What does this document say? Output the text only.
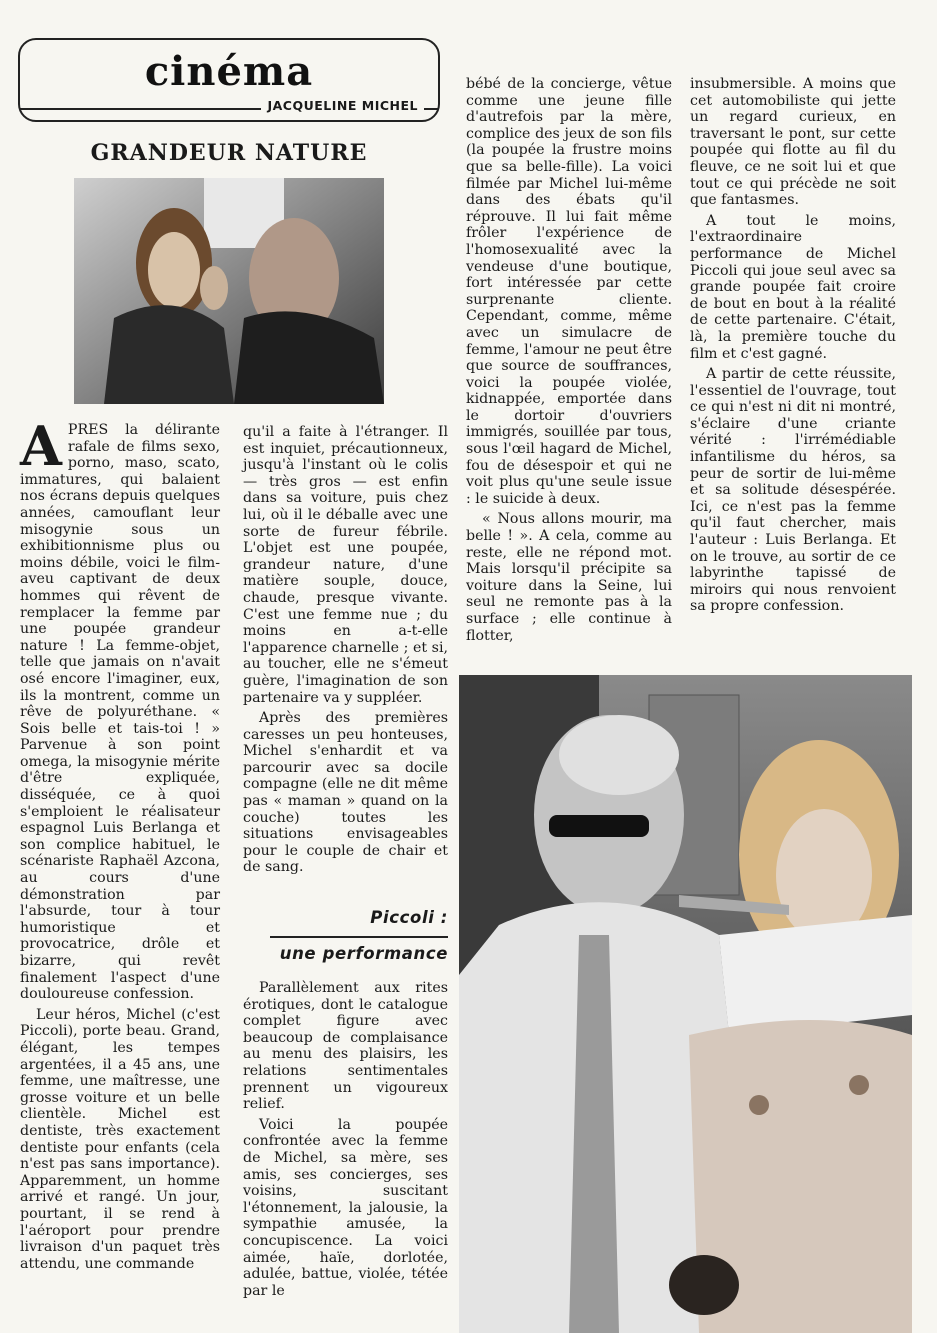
cinéma
JACQUELINE MICHEL
GRANDEUR NATURE

APRES la délirante rafale de films sexo, porno, maso, scato, immatures, qui balaient nos écrans depuis quelques années, camouflant leur misogynie sous un exhibitionnisme plus ou moins débile, voici le film-aveu captivant de deux hommes qui rêvent de remplacer la femme par une poupée grandeur nature ! La femme-objet, telle que jamais on n'avait osé encore l'imaginer, eux, ils la montrent, comme un rêve de polyuréthane. « Sois belle et tais-toi ! » Parvenue à son point omega, la misogynie mérite d'être expliquée, disséquée, ce à quoi s'emploient le réalisateur espagnol Luis Berlanga et son complice habituel, le scénariste Raphaël Azcona, au cours d'une démonstration par l'absurde, tour à tour humoristique et provocatrice, drôle et bizarre, qui revêt finalement l'aspect d'une douloureuse confession.

Leur héros, Michel (c'est Piccoli), porte beau. Grand, élégant, les tempes argentées, il a 45 ans, une femme, une maîtresse, une grosse voiture et un belle clientèle. Michel est dentiste, très exactement dentiste pour enfants (cela n'est pas sans importance). Apparemment, un homme arrivé et rangé. Un jour, pourtant, il se rend à l'aéroport pour prendre livraison d'un paquet très attendu, une commande

qu'il a faite à l'étranger. Il est inquiet, précautionneux, jusqu'à l'instant où le colis — très gros — est enfin dans sa voiture, puis chez lui, où il le déballe avec une sorte de fureur fébrile. L'objet est une poupée, grandeur nature, d'une matière souple, douce, chaude, presque vivante. C'est une femme nue ; du moins en a-t-elle l'apparence charnelle ; et si, au toucher, elle ne s'émeut guère, l'imagination de son partenaire va y suppléer.

Après des premières caresses un peu honteuses, Michel s'enhardit et va parcourir avec sa docile compagne (elle ne dit même pas « maman » quand on la couche) toutes les situations envisageables pour le couple de chair et de sang.

Piccoli :
une performance

Parallèlement aux rites érotiques, dont le catalogue complet figure avec beaucoup de complaisance au menu des plaisirs, les relations sentimentales prennent un vigoureux relief.

Voici la poupée confrontée avec la femme de Michel, sa mère, ses amis, ses concierges, ses voisins, suscitant l'étonnement, la jalousie, la sympathie amusée, la concupiscence. La voici aimée, haïe, dorlotée, adulée, battue, violée, tétée par le

bébé de la concierge, vêtue comme une jeune fille d'autrefois par la mère, complice des jeux de son fils (la poupée la frustre moins que sa belle-fille). La voici filmée par Michel lui-même dans des ébats qu'il réprouve. Il lui fait même frôler l'expérience de l'homosexualité avec la vendeuse d'une boutique, fort intéressée par cette surprenante cliente. Cependant, comme, même avec un simulacre de femme, l'amour ne peut être que source de souffrances, voici la poupée violée, kidnappée, emportée dans le dortoir d'ouvriers immigrés, souillée par tous, sous l'œil hagard de Michel, fou de désespoir et qui ne voit plus qu'une seule issue : le suicide à deux.

« Nous allons mourir, ma belle ! ». A cela, comme au reste, elle ne répond mot. Mais lorsqu'il précipite sa voiture dans la Seine, lui seul ne remonte pas à la surface ; elle continue à flotter,

insubmersible. A moins que cet automobiliste qui jette un regard curieux, en traversant le pont, sur cette poupée qui flotte au fil du fleuve, ce ne soit lui et que tout ce qui précède ne soit que fantasmes.

A tout le moins, l'extraordinaire performance de Michel Piccoli qui joue seul avec sa grande poupée fait croire de bout en bout à la réalité de cette partenaire. C'était, là, la première touche du film et c'est gagné.

A partir de cette réussite, l'essentiel de l'ouvrage, tout ce qui n'est ni dit ni montré, s'éclaire d'une criante vérité : l'irrémédiable infantilisme du héros, sa peur de sortir de lui-même et sa solitude désespérée. Ici, ce n'est pas la femme qu'il faut chercher, mais l'auteur : Luis Berlanga. Et on le trouve, au sortir de ce labyrinthe tapissé de miroirs qui nous renvoient sa propre confession.
